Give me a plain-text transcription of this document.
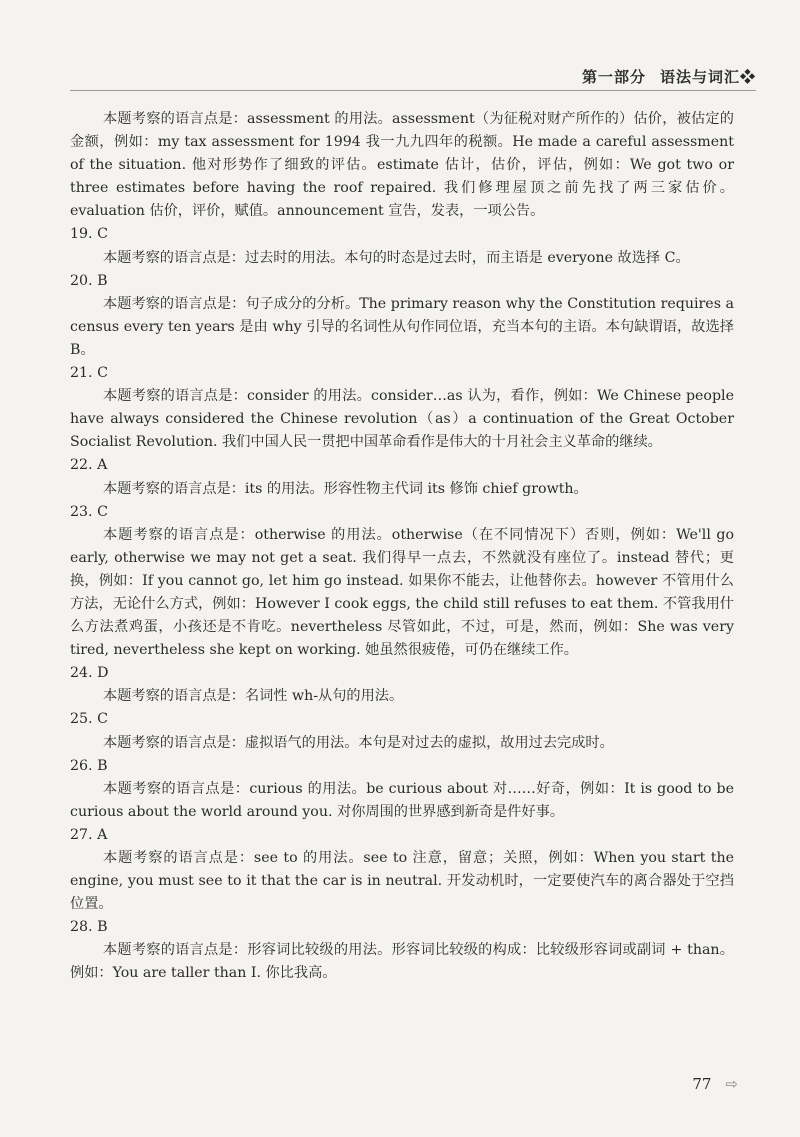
第一部分 语法与词汇❖

本题考察的语言点是：assessment 的用法。assessment（为征税对财产所作的）估价，被估定的金额，例如：my tax assessment for 1994 我一九九四年的税额。He made a careful assessment of the situation. 他对形势作了细致的评估。estimate 估计，估价，评估，例如：We got two or three estimates before having the roof repaired. 我们修理屋顶之前先找了两三家估价。evaluation 估价，评价，赋值。announcement 宣告，发表，一项公告。

19. C

本题考察的语言点是：过去时的用法。本句的时态是过去时，而主语是 everyone 故选择 C。

20. B

本题考察的语言点是：句子成分的分析。The primary reason why the Constitution requires a census every ten years 是由 why 引导的名词性从句作同位语，充当本句的主语。本句缺谓语，故选择 B。

21. C

本题考察的语言点是：consider 的用法。consider…as 认为，看作，例如：We Chinese people have always considered the Chinese revolution（as）a continuation of the Great October Socialist Revolution. 我们中国人民一贯把中国革命看作是伟大的十月社会主义革命的继续。

22. A

本题考察的语言点是：its 的用法。形容性物主代词 its 修饰 chief growth。

23. C

本题考察的语言点是：otherwise 的用法。otherwise（在不同情况下）否则，例如：We'll go early, otherwise we may not get a seat. 我们得早一点去，不然就没有座位了。instead 替代；更换，例如：If you cannot go, let him go instead. 如果你不能去，让他替你去。however 不管用什么方法，无论什么方式，例如：However I cook eggs, the child still refuses to eat them. 不管我用什么方法煮鸡蛋，小孩还是不肯吃。nevertheless 尽管如此，不过，可是，然而，例如：She was very tired, nevertheless she kept on working. 她虽然很疲倦，可仍在继续工作。

24. D

本题考察的语言点是：名词性 wh-从句的用法。

25. C

本题考察的语言点是：虚拟语气的用法。本句是对过去的虚拟，故用过去完成时。

26. B

本题考察的语言点是：curious 的用法。be curious about 对……好奇，例如：It is good to be curious about the world around you. 对你周围的世界感到新奇是件好事。

27. A

本题考察的语言点是：see to 的用法。see to 注意，留意；关照，例如：When you start the engine, you must see to it that the car is in neutral. 开发动机时，一定要使汽车的离合器处于空挡位置。

28. B

本题考察的语言点是：形容词比较级的用法。形容词比较级的构成：比较级形容词或副词 + than。例如：You are taller than I. 你比我高。

77 ⇨
